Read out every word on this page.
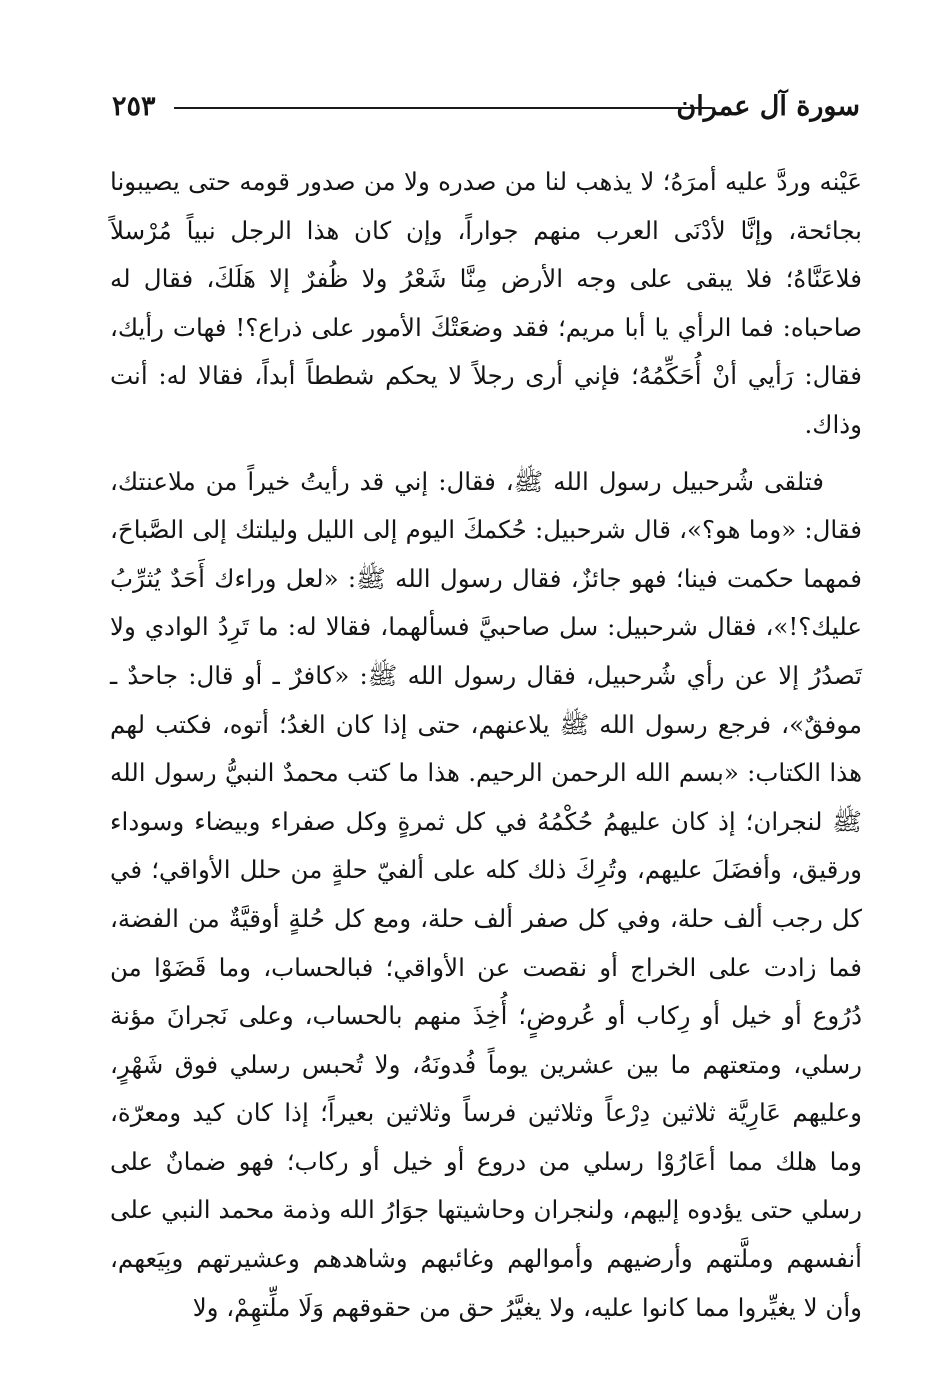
سورة آل عمران
٢٥٣

عَيْنه وردَّ عليه أمرَهُ؛ لا يذهب لنا من صدره ولا من صدور قومه حتى يصيبونا بجائحة، وإنَّا لأدْنَى العرب منهم جواراً، وإن كان هذا الرجل نبياً مُرْسلاً فلاعَنَّاهُ؛ فلا يبقى على وجه الأرض مِنَّا شَعْرُ ولا ظُفرٌ إلا هَلَكَ، فقال له صاحباه: فما الرأي يا أبا مريم؛ فقد وضعَتْكَ الأمور على ذراع؟! فهات رأيك، فقال: رَأيي أنْ أُحَكِّمُهُ؛ فإني أرى رجلاً لا يحكم شططاً أبداً، فقالا له: أنت وذاك.

فتلقى شُرحبيل رسول الله ﷺ، فقال: إني قد رأيتُ خيراً من ملاعنتك، فقال: «وما هو؟»، قال شرحبيل: حُكمكَ اليوم إلى الليل وليلتك إلى الصَّباحَ، فمهما حكمت فينا؛ فهو جائزٌ، فقال رسول الله ﷺ: «لعل وراءك أَحَدٌ يُثرِّبُ عليك؟!»، فقال شرحبيل: سل صاحبيَّ فسألهما، فقالا له: ما تَرِدُ الوادي ولا تَصدُرُ إلا عن رأي شُرحبيل، فقال رسول الله ﷺ: «كافرٌ ـ أو قال: جاحدٌ ـ موفقٌ»، فرجع رسول الله ﷺ يلاعنهم، حتى إذا كان الغدُ؛ أتوه، فكتب لهم هذا الكتاب: «بسم الله الرحمن الرحيم. هذا ما كتب محمدٌ النبيُّ رسول الله ﷺ لنجران؛ إذ كان عليهمُ حُكْمُهُ في كل ثمرةٍ وكل صفراء وبيضاء وسوداء ورقيق، وأفضَلَ عليهم، وتُرِكَ ذلك كله على ألفيّ حلةٍ من حلل الأواقي؛ في كل رجب ألف حلة، وفي كل صفر ألف حلة، ومع كل حُلةٍ أوقيَّةٌ من الفضة، فما زادت على الخراج أو نقصت عن الأواقي؛ فبالحساب، وما قَضَوْا من دُرُوع أو خيل أو رِكاب أو عُروضٍ؛ أُخِذَ منهم بالحساب، وعلى نَجرانَ مؤنة رسلي، ومتعتهم ما بين عشرين يوماً فُدونَهُ، ولا تُحبس رسلي فوق شَهْرٍ، وعليهم عَارِيَّة ثلاثين دِرْعاً وثلاثين فرساً وثلاثين بعيراً؛ إذا كان كيد ومعرّة، وما هلك مما أعَارُوْا رسلي من دروع أو خيل أو ركاب؛ فهو ضمانٌ على رسلي حتى يؤدوه إليهم، ولنجران وحاشيتها جوَارُ الله وذمة محمد النبي على أنفسهم وملَّتهم وأرضيهم وأموالهم وغائبهم وشاهدهم وعشيرتهم وبِيَعهم، وأن لا يغيِّروا مما كانوا عليه، ولا يغيَّرُ حق من حقوقهم وَلَا ملِّتهِمْ، ولا
